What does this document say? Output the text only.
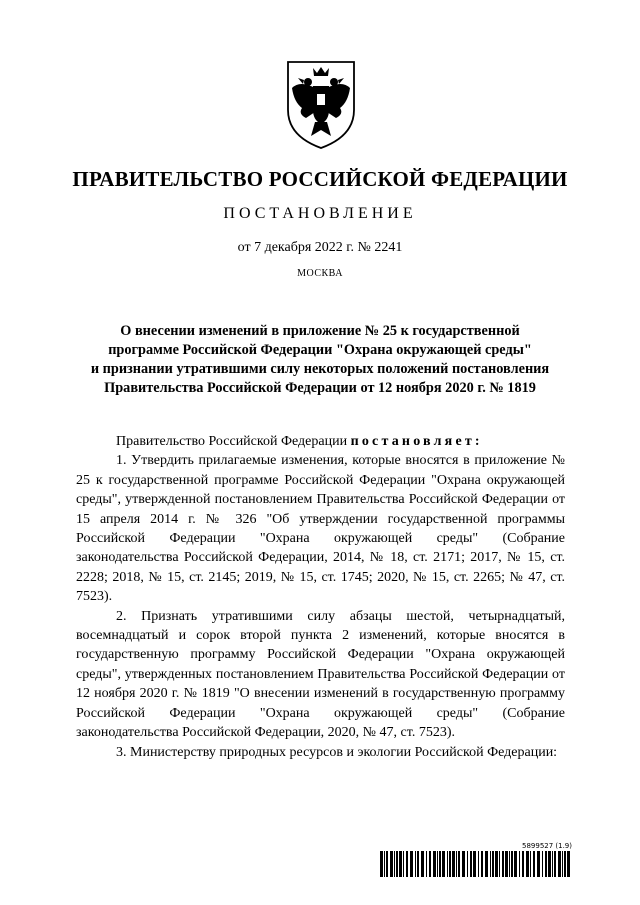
ПРАВИТЕЛЬСТВО РОССИЙСКОЙ ФЕДЕРАЦИИ
ПОСТАНОВЛЕНИЕ
от 7 декабря 2022 г. № 2241
МОСКВА
О внесении изменений в приложение № 25 к государственной
программе Российской Федерации "Охрана окружающей среды"
и признании утратившими силу некоторых положений постановления
Правительства Российской Федерации от 12 ноября 2020 г. № 1819

Правительство Российской Федерации постановляет:

1. Утвердить прилагаемые изменения, которые вносятся в приложение № 25 к государственной программе Российской Федерации "Охрана окружающей среды", утвержденной постановлением Правительства Российской Федерации от 15 апреля 2014 г. № 326 "Об утверждении государственной программы Российской Федерации "Охрана окружающей среды" (Собрание законодательства Российской Федерации, 2014, № 18, ст. 2171; 2017, № 15, ст. 2228; 2018, № 15, ст. 2145; 2019, № 15, ст. 1745; 2020, № 15, ст. 2265; № 47, ст. 7523).

2. Признать утратившими силу абзацы шестой, четырнадцатый, восемнадцатый и сорок второй пункта 2 изменений, которые вносятся в государственную программу Российской Федерации "Охрана окружающей среды", утвержденных постановлением Правительства Российской Федерации от 12 ноября 2020 г. № 1819 "О внесении изменений в государственную программу Российской Федерации "Охрана окружающей среды" (Собрание законодательства Российской Федерации, 2020, № 47, ст. 7523).

3. Министерству природных ресурсов и экологии Российской Федерации:

5899527 (1.9)
